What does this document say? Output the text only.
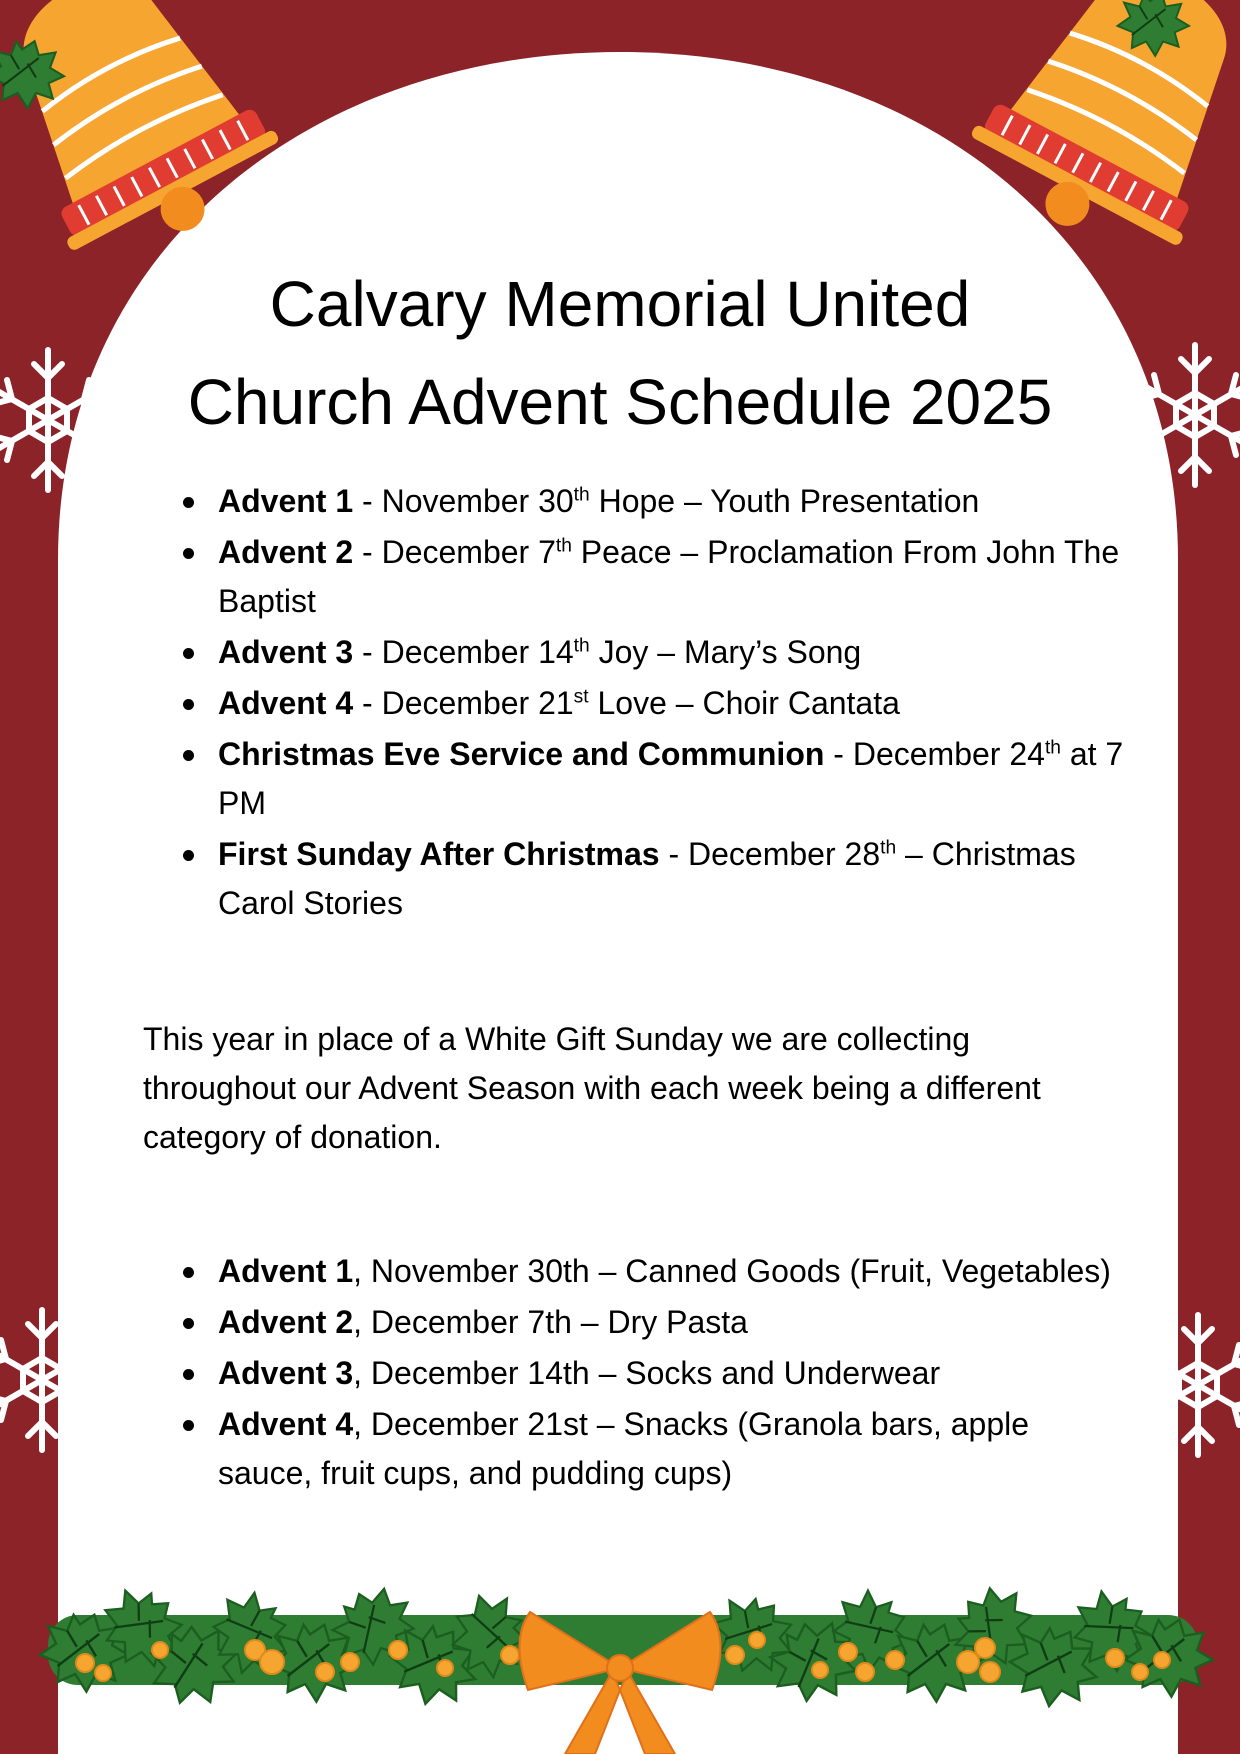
Calvary Memorial United
Church Advent Schedule 2025
Advent 1 - November 30th Hope – Youth Presentation
Advent 2 - December 7th Peace – Proclamation From John The Baptist
Advent 3 - December 14th Joy – Mary’s Song
Advent 4 - December 21st Love – Choir Cantata
Christmas Eve Service and Communion - December 24th at 7 PM
First Sunday After Christmas - December 28th – Christmas Carol Stories

This year in place of a White Gift Sunday we are collecting throughout our Advent Season with each week being a different category of donation.

Advent 1, November 30th – Canned Goods (Fruit, Vegetables)
Advent 2, December 7th – Dry Pasta
Advent 3, December 14th – Socks and Underwear
Advent 4, December 21st – Snacks (Granola bars, apple sauce, fruit cups, and pudding cups)
